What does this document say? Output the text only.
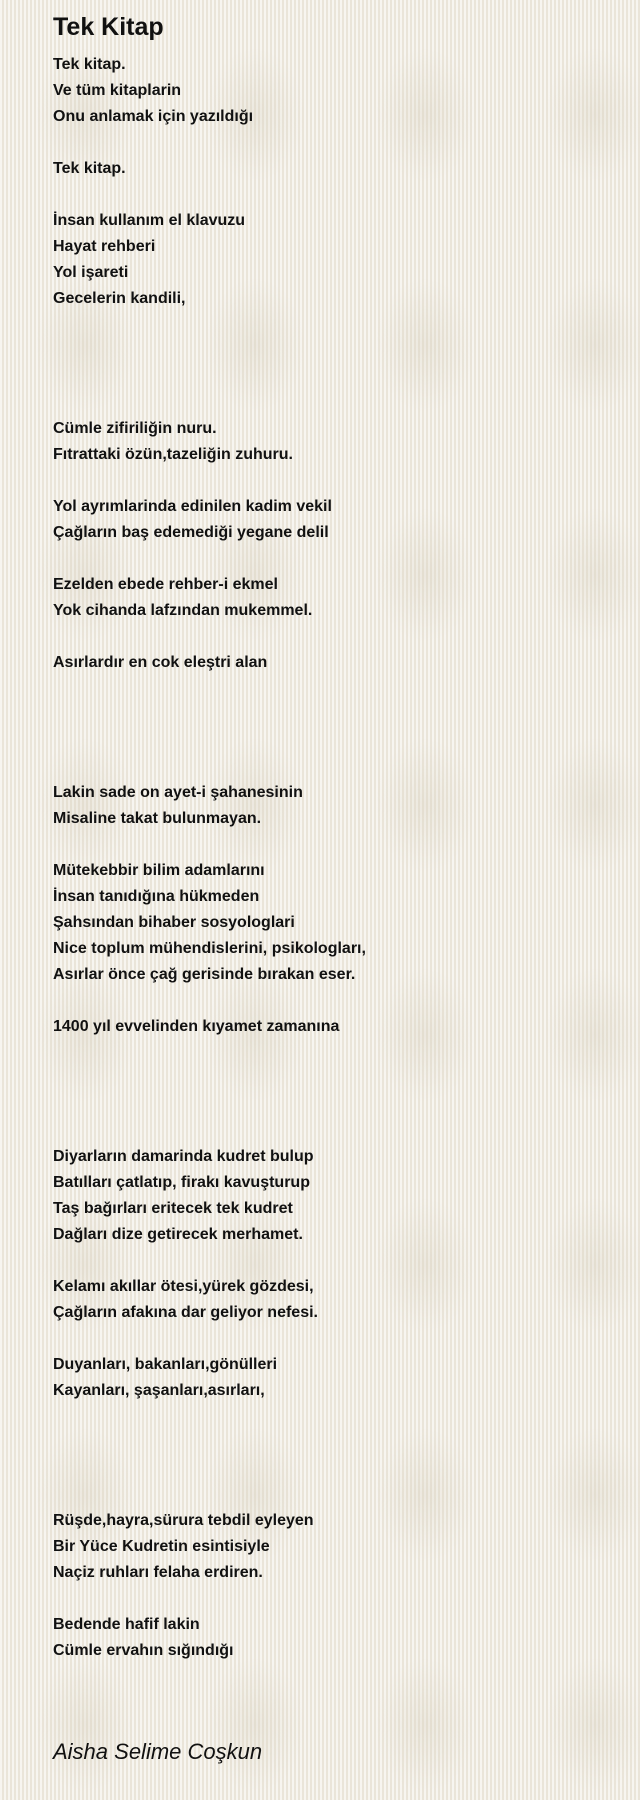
Tek Kitap
Tek kitap.
Ve tüm kitaplarin
Onu anlamak için yazıldığı
Tek kitap.
İnsan kullanım el klavuzu
Hayat rehberi
Yol işareti
Gecelerin kandili,
Cümle zifiriliğin nuru.
Fıtrattaki özün,tazeliğin zuhuru.
Yol ayrımlarinda edinilen kadim vekil
Çağların baş edemediği yegane delil
Ezelden ebede rehber-i ekmel
Yok cihanda lafzından mukemmel.
Asırlardır en cok eleştri alan
Lakin sade on ayet-i şahanesinin
Misaline takat bulunmayan.
Mütekebbir bilim adamlarını
İnsan tanıdığına hükmeden
Şahsından bihaber sosyologlari
Nice toplum mühendislerini, psikologları,
Asırlar önce çağ gerisinde bırakan eser.
1400 yıl evvelinden kıyamet zamanına
Diyarların damarinda kudret bulup
Batılları çatlatıp, firakı kavuşturup
Taş bağırları eritecek tek kudret
Dağları dize getirecek merhamet.
Kelamı akıllar ötesi,yürek gözdesi,
Çağların afakına dar geliyor nefesi.
Duyanları, bakanları,gönülleri
Kayanları, şaşanları,asırları,
Rüşde,hayra,sürura tebdil eyleyen
Bir Yüce Kudretin esintisiyle
Naçiz ruhları felaha erdiren.
Bedende hafif lakin
Cümle ervahın sığındığı
Aisha Selime Coşkun
